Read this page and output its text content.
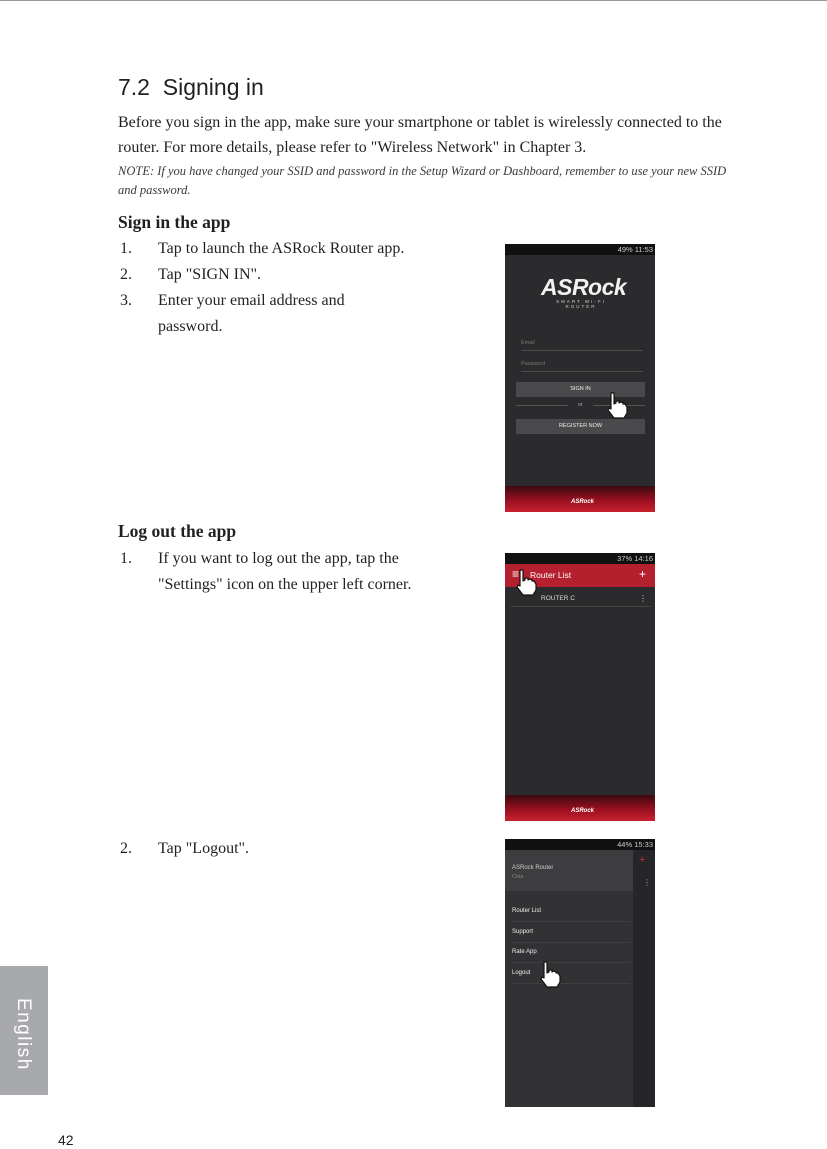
7.2 Signing in

Before you sign in the app, make sure your smartphone or tablet is wirelessly connected to the router. For more details, please refer to "Wireless Network" in Chapter 3.

NOTE: If you have changed your SSID and password in the Setup Wizard or Dashboard, remember to use your new SSID and password.

Sign in the app
1. Tap to launch the ASRock Router app.
2. Tap "SIGN IN".
3. Enter your email address and password.
49% 11:53
ASRock
SMART WI-FI ROUTER
Email
Password
SIGN IN
or
REGISTER NOW
ASRock
Log out the app
1. If you want to log out the app, tap the "Settings" icon on the upper left corner.
37% 14:16
≡ Router List	+
ROUTER C	⋮
ASRock
2. Tap "Logout".	44% 15:33
+
⋮
ASRock Router
Chia
Router List
Support
Rate App
Logout
English
42
